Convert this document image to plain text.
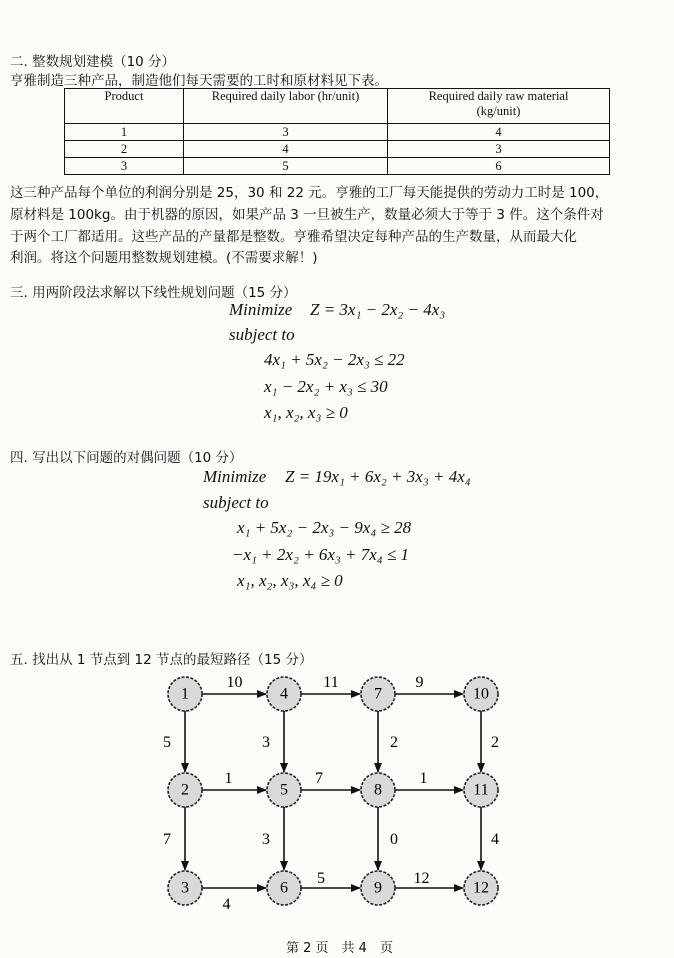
二. 整数规划建模（10 分）
亨雅制造三种产品，制造他们每天需要的工时和原材料见下表。
Product	Required daily labor (hr/unit)	Required daily raw material
(kg/unit)
1	3	4
2	4	3
3	5	6
这三种产品每个单位的利润分别是 25，30 和 22 元。亨雅的工厂每天能提供的劳动力工时是 100，
原材料是 100kg。由于机器的原因，如果产品 3 一旦被生产，数量必须大于等于 3 件。这个条件对
于两个工厂都适用。这些产品的产量都是整数。亨雅希望决定每种产品的生产数量，从而最大化
利润。将这个问题用整数规划建模。(不需要求解！)
三. 用两阶段法求解以下线性规划问题（15 分）
Minimize Z = 3x₁ − 2x₂ − 4x₃
subject to
4x₁ + 5x₂ − 2x₃ ≤ 22
x₁ − 2x₂ + x₃ ≤ 30
x₁, x₂, x₃ ≥ 0
四. 写出以下问题的对偶问题（10 分）
Minimize Z = 19x₁ + 6x₂ + 3x₃ + 4x₄
subject to
x₁ + 5x₂ − 2x₃ − 9x₄ ≥ 28
−x₁ + 2x₂ + 6x₃ + 7x₄ ≤ 1
x₁, x₂, x₃, x₄ ≥ 0
五. 找出从 1 节点到 12 节点的最短路径（15 分）
10	11	9
5	3	2	2
1	7	1
7	3	0	4
4
5	12
1
2
3
4
5
6
7
8
9
10
11
12
第 2 页　共 4　页
